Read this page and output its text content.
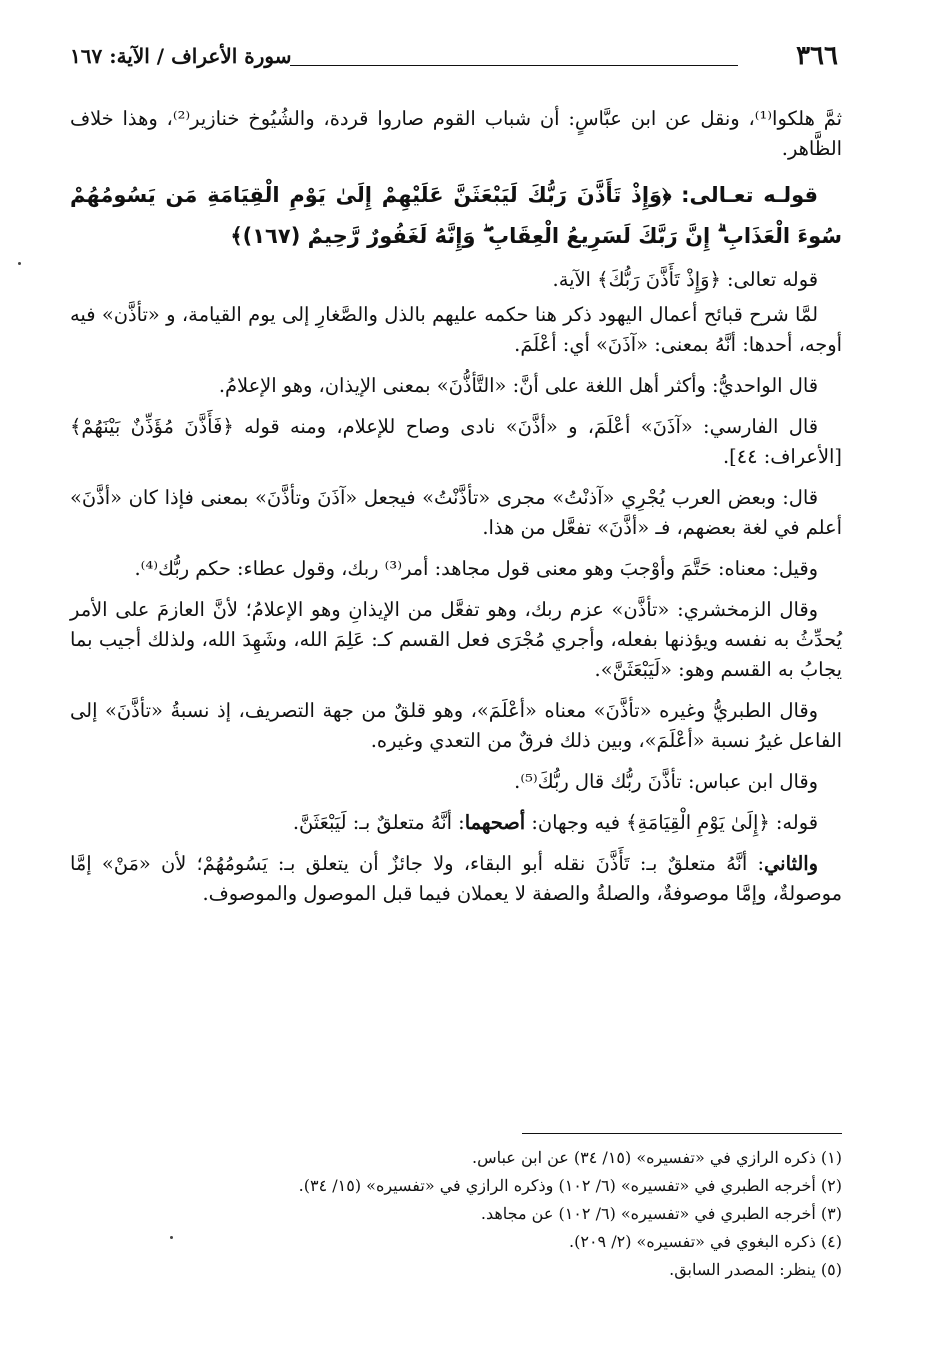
٣٦٦

سورة الأعراف / الآية: ١٦٧

ثمَّ هلكوا⁽¹⁾، ونقل عن ابن عبَّاسٍ: أن شباب القوم صاروا قردة، والشُيُوخ خنازير⁽²⁾، وهذا خلاف الظَّاهر.

قولـه تعـالى: ﴿وَإِذْ تَأَذَّنَ رَبُّكَ لَيَبْعَثَنَّ عَلَيْهِمْ إِلَىٰ يَوْمِ الْقِيَامَةِ مَن يَسُومُهُمْ سُوءَ الْعَذَابِ ۗ إِنَّ رَبَّكَ لَسَرِيعُ الْعِقَابِ ۖ وَإِنَّهُ لَغَفُورٌ رَّحِيمٌ (١٦٧)﴾

قوله تعالى: ﴿وَإِذْ تَأَذَّنَ رَبُّكَ﴾ الآية.

لمَّا شرح قبائح أعمال اليهود ذكر هنا حكمه عليهم بالذل والصَّغارِ إلى يوم القيامة، و «تأذَّن» فيه أوجه، أحدها: أنَّهُ بمعنى: «آذَنَ» أي: أعْلَمَ.

قال الواحديُّ: وأكثر أهل اللغة على أنَّ: «التَّأذُّنَ» بمعنى الإيذان، وهو الإعلامُ.

قال الفارسي: «آذَنَ» أعْلَمَ، و «أذَّنَ» نادى وصاح للإعلام، ومنه قوله ﴿فَأَذَّنَ مُؤَذِّنٌ بَيْنَهُمْ﴾ [الأعراف: ٤٤].

قال: وبعض العرب يُجْرِي «آذنْتُ» مجرى «تأذَّنْتُ» فيجعل «آذَنَ وتأذَّنَ» بمعنى فإذا كان «أذَّنَ» أعلم في لغة بعضهم، فـ «أذَّنَ» تفعَّل من هذا.

وقيل: معناه: حَتَّمَ وأوْجبَ وهو معنى قول مجاهد: أمر⁽³⁾ ربك، وقول عطاء: حكم ربُّك⁽⁴⁾.

وقال الزمخشري: «تأذَّن» عزم ربك، وهو تفعَّل من الإيذانِ وهو الإعلامُ؛ لأنَّ العازمَ على الأمر يُحدِّثُ به نفسه ويؤذنها بفعله، وأجري مُجْرَى فعل القسم كـ: عَلِمَ الله، وشَهِدَ الله، ولذلك أجيب بما يجابُ به القسم وهو: «لَيَبْعَثَنَّ».

وقال الطبريُّ وغيره «تأذَّنَ» معناه «أعْلَمَ»، وهو قلقٌ من جهة التصريف، إذ نسبةُ «تأذَّنَ» إلى الفاعل غيرُ نسبة «أعْلَمَ»، وبين ذلك فرقٌ من التعدي وغيره.

وقال ابن عباس: تأذَّنَ ربُّك قال ربُّكَ⁽⁵⁾.

قوله: ﴿إِلَىٰ يَوْمِ الْقِيَامَةِ﴾ فيه وجهان: أصحهما: أنَّهُ متعلقٌ بـ: لَيَبْعَثَنَّ.

والثاني: أنَّهُ متعلقٌ بـ: تَأَذَّنَ نقله أبو البقاء، ولا جائزٌ أن يتعلق بـ: يَسُومُهُمْ؛ لأن «مَنْ» إمَّا موصولةٌ، وإمَّا موصوفةٌ، والصلةُ والصفة لا يعملان فيما قبل الموصول والموصوف.

(١) ذكره الرازي في «تفسيره» (١٥/ ٣٤) عن ابن عباس.
(٢) أخرجه الطبري في «تفسيره» (٦/ ١٠٢) وذكره الرازي في «تفسيره» (١٥/ ٣٤).
(٣) أخرجه الطبري في «تفسيره» (٦/ ١٠٢) عن مجاهد.
(٤) ذكره البغوي في «تفسيره» (٢/ ٢٠٩).
(٥) ينظر: المصدر السابق.
